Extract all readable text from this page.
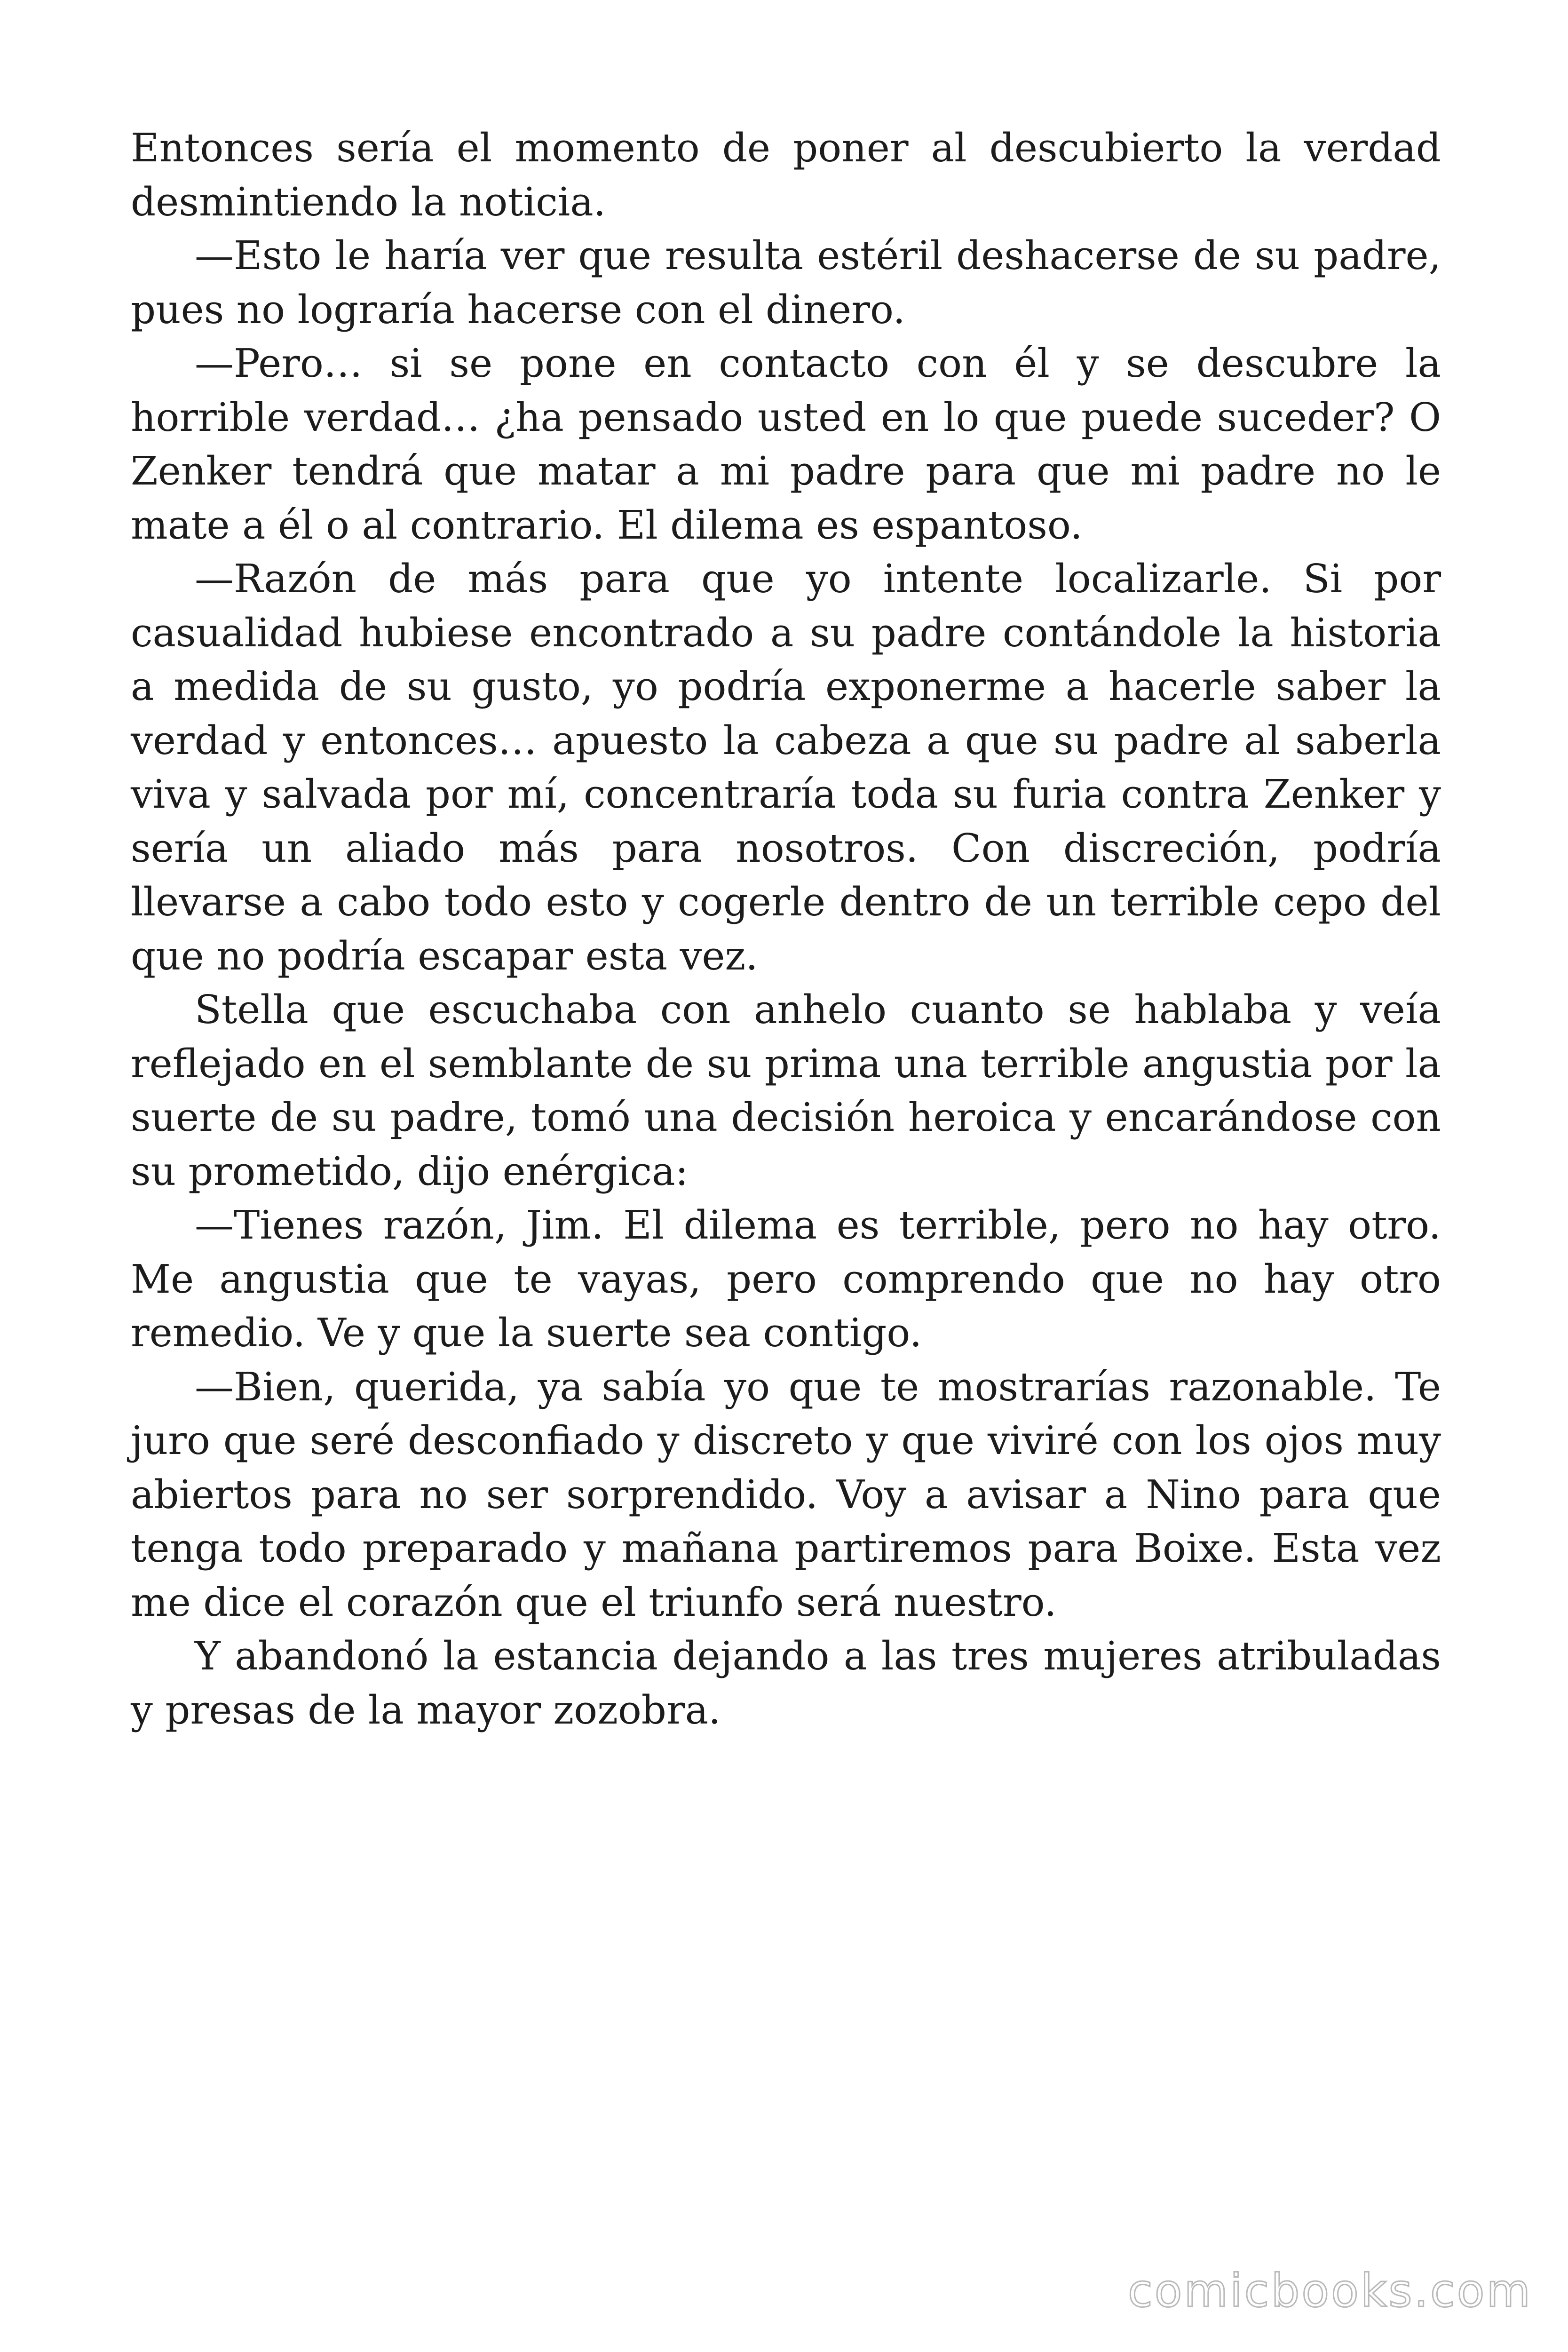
Entonces sería el momento de poner al descubierto la verdad desmintiendo la noticia.

—Esto le haría ver que resulta estéril deshacerse de su padre, pues no lograría hacerse con el dinero.

—Pero… si se pone en contacto con él y se descubre la horrible verdad… ¿ha pensado usted en lo que puede suceder? O Zenker tendrá que matar a mi padre para que mi padre no le mate a él o al contrario. El dilema es espantoso.

—Razón de más para que yo intente localizarle. Si por casualidad hubiese encontrado a su padre contándole la historia a medida de su gusto, yo podría exponerme a hacerle saber la verdad y entonces… apuesto la cabeza a que su padre al saberla viva y salvada por mí, concentraría toda su furia contra Zenker y sería un aliado más para nosotros. Con discreción, podría llevarse a cabo todo esto y cogerle dentro de un terrible cepo del que no podría escapar esta vez.

Stella que escuchaba con anhelo cuanto se hablaba y veía reflejado en el semblante de su prima una terrible angustia por la suerte de su padre, tomó una decisión heroica y encarándose con su prometido, dijo enérgica:

—Tienes razón, Jim. El dilema es terrible, pero no hay otro. Me angustia que te vayas, pero comprendo que no hay otro remedio. Ve y que la suerte sea contigo.

—Bien, querida, ya sabía yo que te mostrarías razonable. Te juro que seré desconfiado y discreto y que viviré con los ojos muy abiertos para no ser sorprendido. Voy a avisar a Nino para que tenga todo preparado y mañana partiremos para Boixe. Esta vez me dice el corazón que el triunfo será nuestro.

Y abandonó la estancia dejando a las tres mujeres atribuladas y presas de la mayor zozobra.

comicbooks.com
